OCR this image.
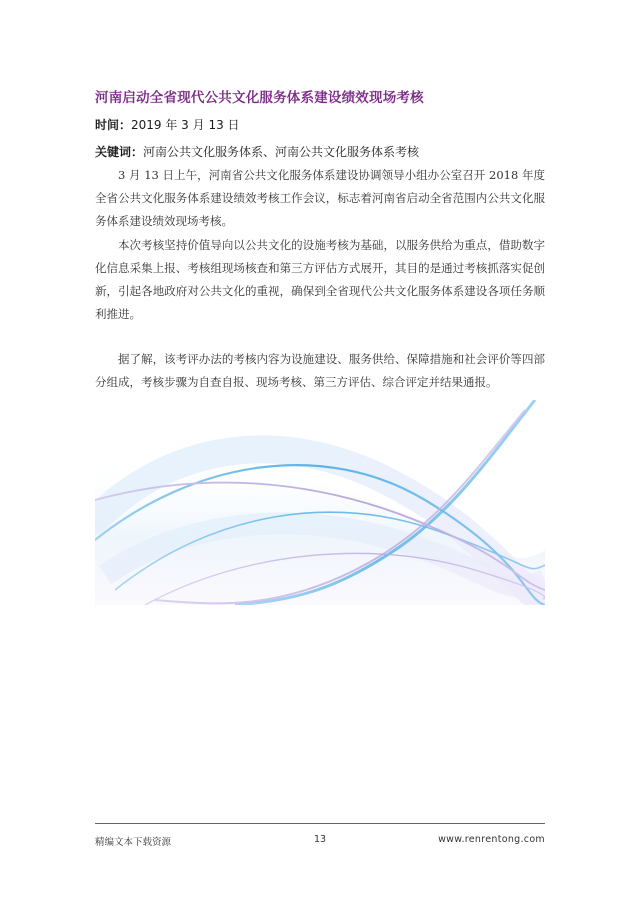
河南启动全省现代公共文化服务体系建设绩效现场考核
时间：2019 年 3 月 13 日
关键词：河南公共文化服务体系、河南公共文化服务体系考核

3 月 13 日上午，河南省公共文化服务体系建设协调领导小组办公室召开 2018 年度全省公共文化服务体系建设绩效考核工作会议，标志着河南省启动全省范围内公共文化服务体系建设绩效现场考核。

本次考核坚持价值导向以公共文化的设施考核为基础，以服务供给为重点，借助数字化信息采集上报、考核组现场核查和第三方评估方式展开，其目的是通过考核抓落实促创新，引起各地政府对公共文化的重视，确保到全省现代公共文化服务体系建设各项任务顺利推进。

据了解，该考评办法的考核内容为设施建设、服务供给、保障措施和社会评价等四部分组成，考核步骤为自查自报、现场考核、第三方评估、综合评定并结果通报。

精编文本下载资源	13	www.renrentong.com
